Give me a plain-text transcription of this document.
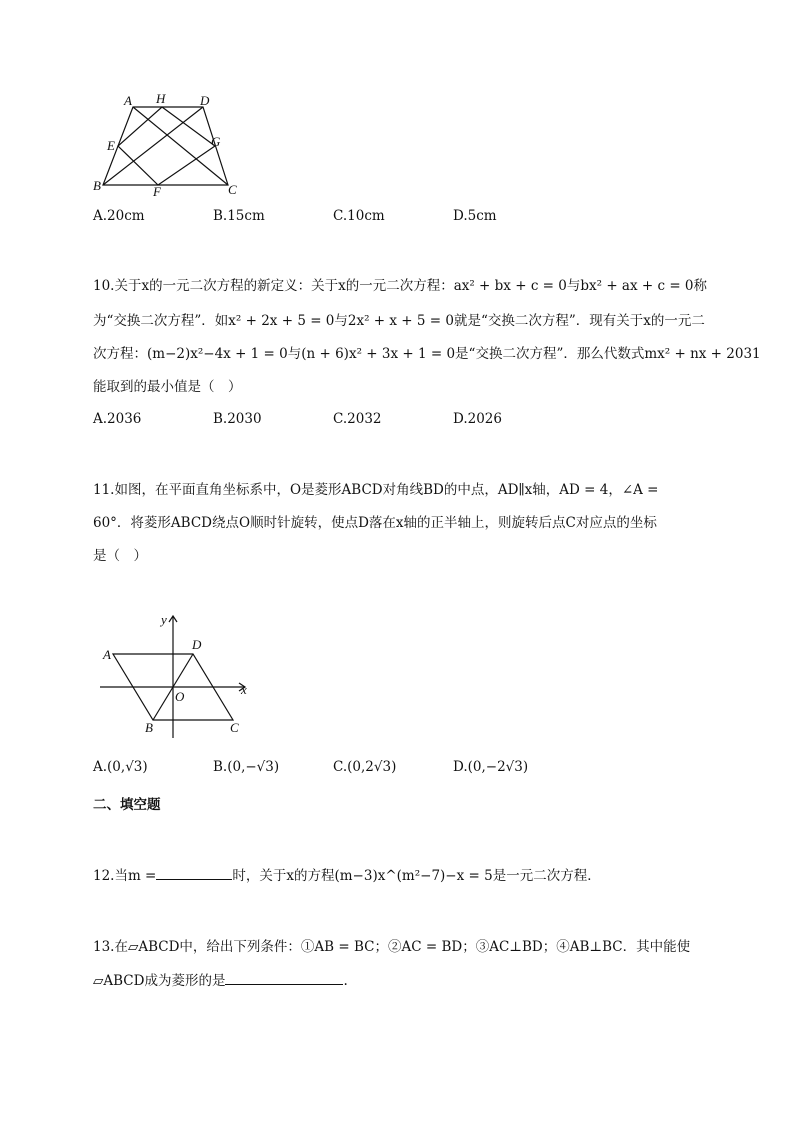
A H	D
E	G
B	F	C
A.20cm	B.15cm	C.10cm	D.5cm
10.关于x的一元二次方程的新定义：关于x的一元二次方程：ax² + bx + c = 0与bx² + ax + c = 0称
为“交换二次方程”．如x² + 2x + 5 = 0与2x² + x + 5 = 0就是“交换二次方程”．现有关于x的一元二
次方程：(m−2)x²−4x + 1 = 0与(n + 6)x² + 3x + 1 = 0是“交换二次方程”．那么代数式mx² + nx + 2031
能取到的最小值是（　）
A.2036	B.2030	C.2032	D.2026
11.如图，在平面直角坐标系中，O是菱形ABCD对角线BD的中点，AD∥x轴，AD = 4，∠A =
60°．将菱形ABCD绕点O顺时针旋转，使点D落在x轴的正半轴上，则旋转后点C对应点的坐标
是（　）
y
A
D
O	x
B	C
A.(0,√3)	B.(0,−√3)	C.(0,2√3)	D.(0,−2√3)
二、填空题
12.当m =	时，关于x的方程(m−3)x^(m²−7)−x = 5是一元二次方程．
13.在▱ABCD中，给出下列条件：①AB = BC；②AC = BD；③AC⊥BD；④AB⊥BC．其中能使
▱ABCD成为菱形的是	.
